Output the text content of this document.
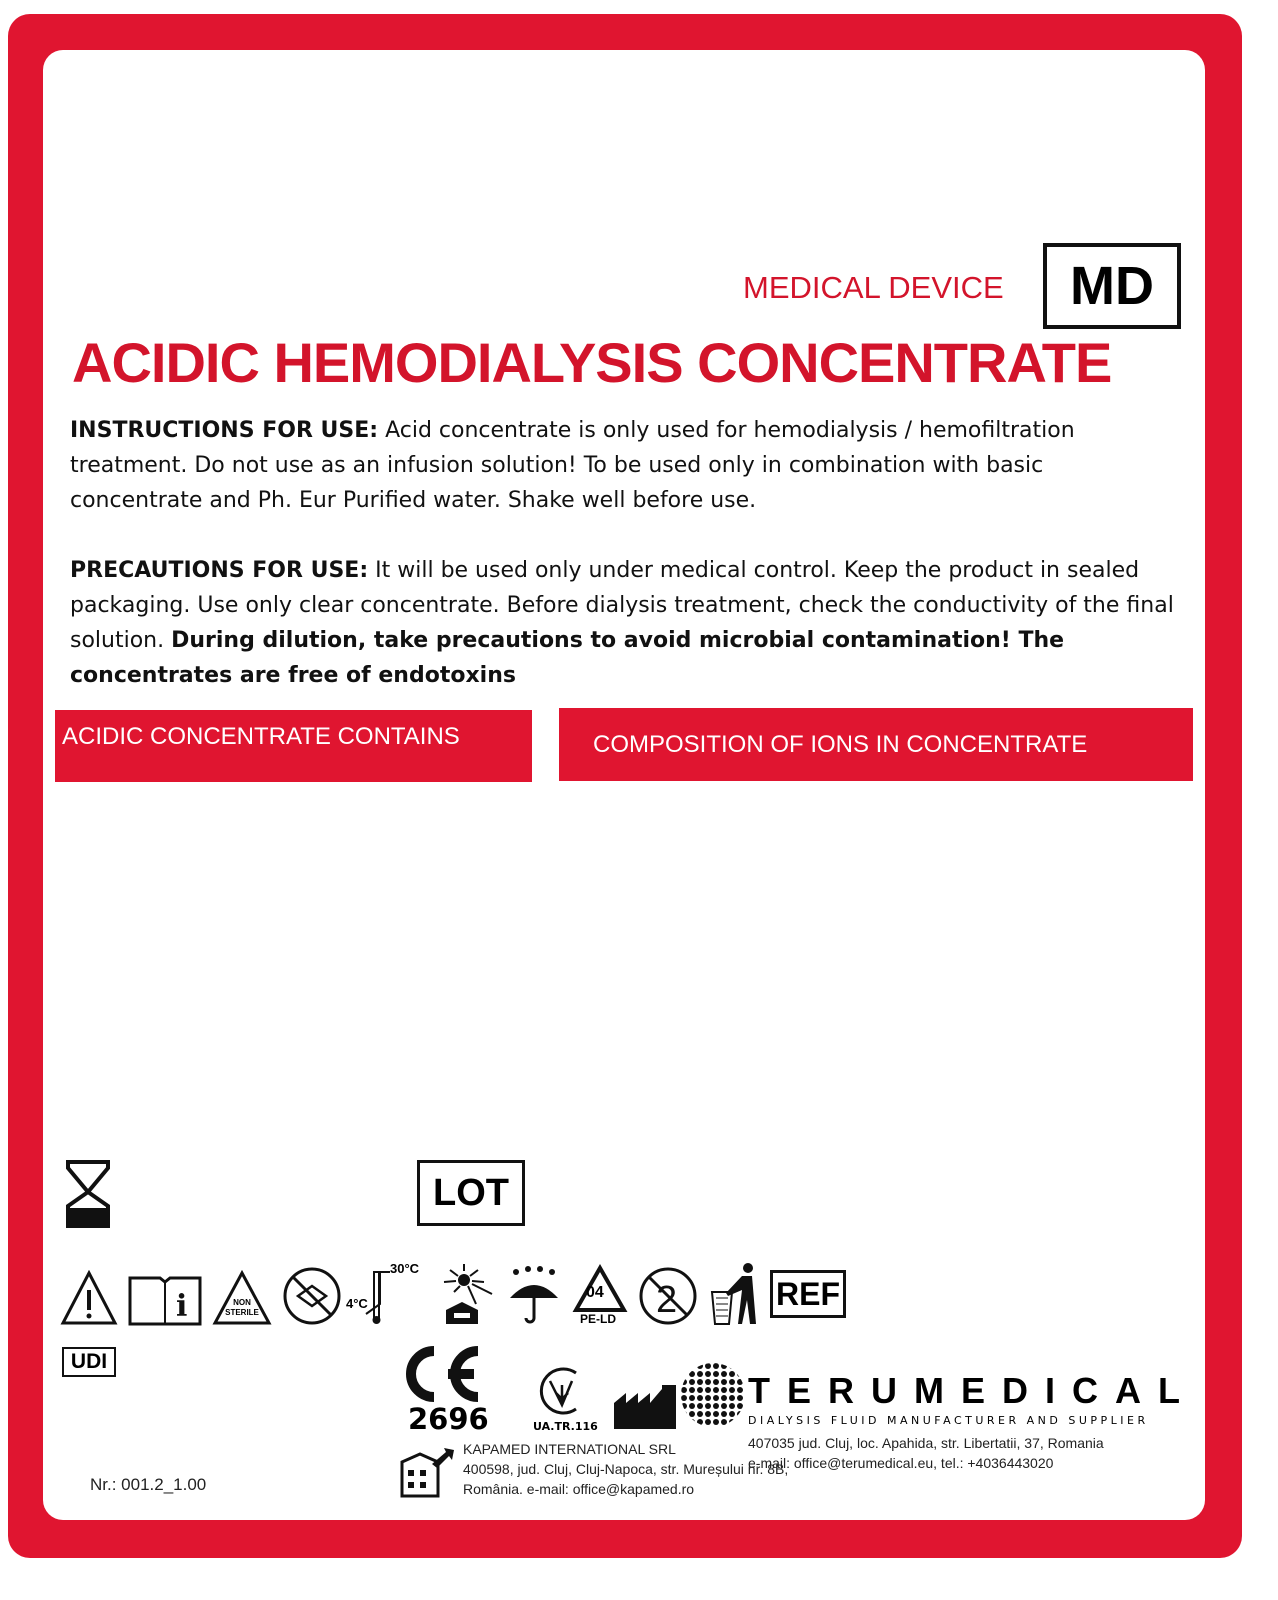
MEDICAL DEVICE	MD
ACIDIC HEMODIALYSIS CONCENTRATE
INSTRUCTIONS FOR USE: Acid concentrate is only used for hemodialysis / hemofiltration treatment. Do not use as an infusion solution! To be used only in combination with basic concentrate and Ph. Eur Purified water. Shake well before use.
PRECAUTIONS FOR USE: It will be used only under medical control. Keep the product in sealed packaging. Use only clear concentrate. Before dialysis treatment, check the conductivity of the final solution. During dilution, take precautions to avoid microbial contamination! The concentrates are free of endotoxins
ACIDIC CONCENTRATE CONTAINS	COMPOSITION OF IONS IN CONCENTRATE
LOT
i	NON
STERILE
30°C
4°C
04
PE-LD 2	REF
UDI
2696	UA.TR.116
TERUMEDICAL
DIALYSIS FLUID MANUFACTURER AND SUPPLIER
407035 jud. Cluj, loc. Apahida, str. Libertatii, 37, Romania
e-mail: office@terumedical.eu, tel.: +4036443020
KAPAMED INTERNATIONAL SRL
400598, jud. Cluj, Cluj-Napoca, str. Mureșului nr. 8B,
România. e-mail: office@kapamed.ro
Nr.: 001.2_1.00
